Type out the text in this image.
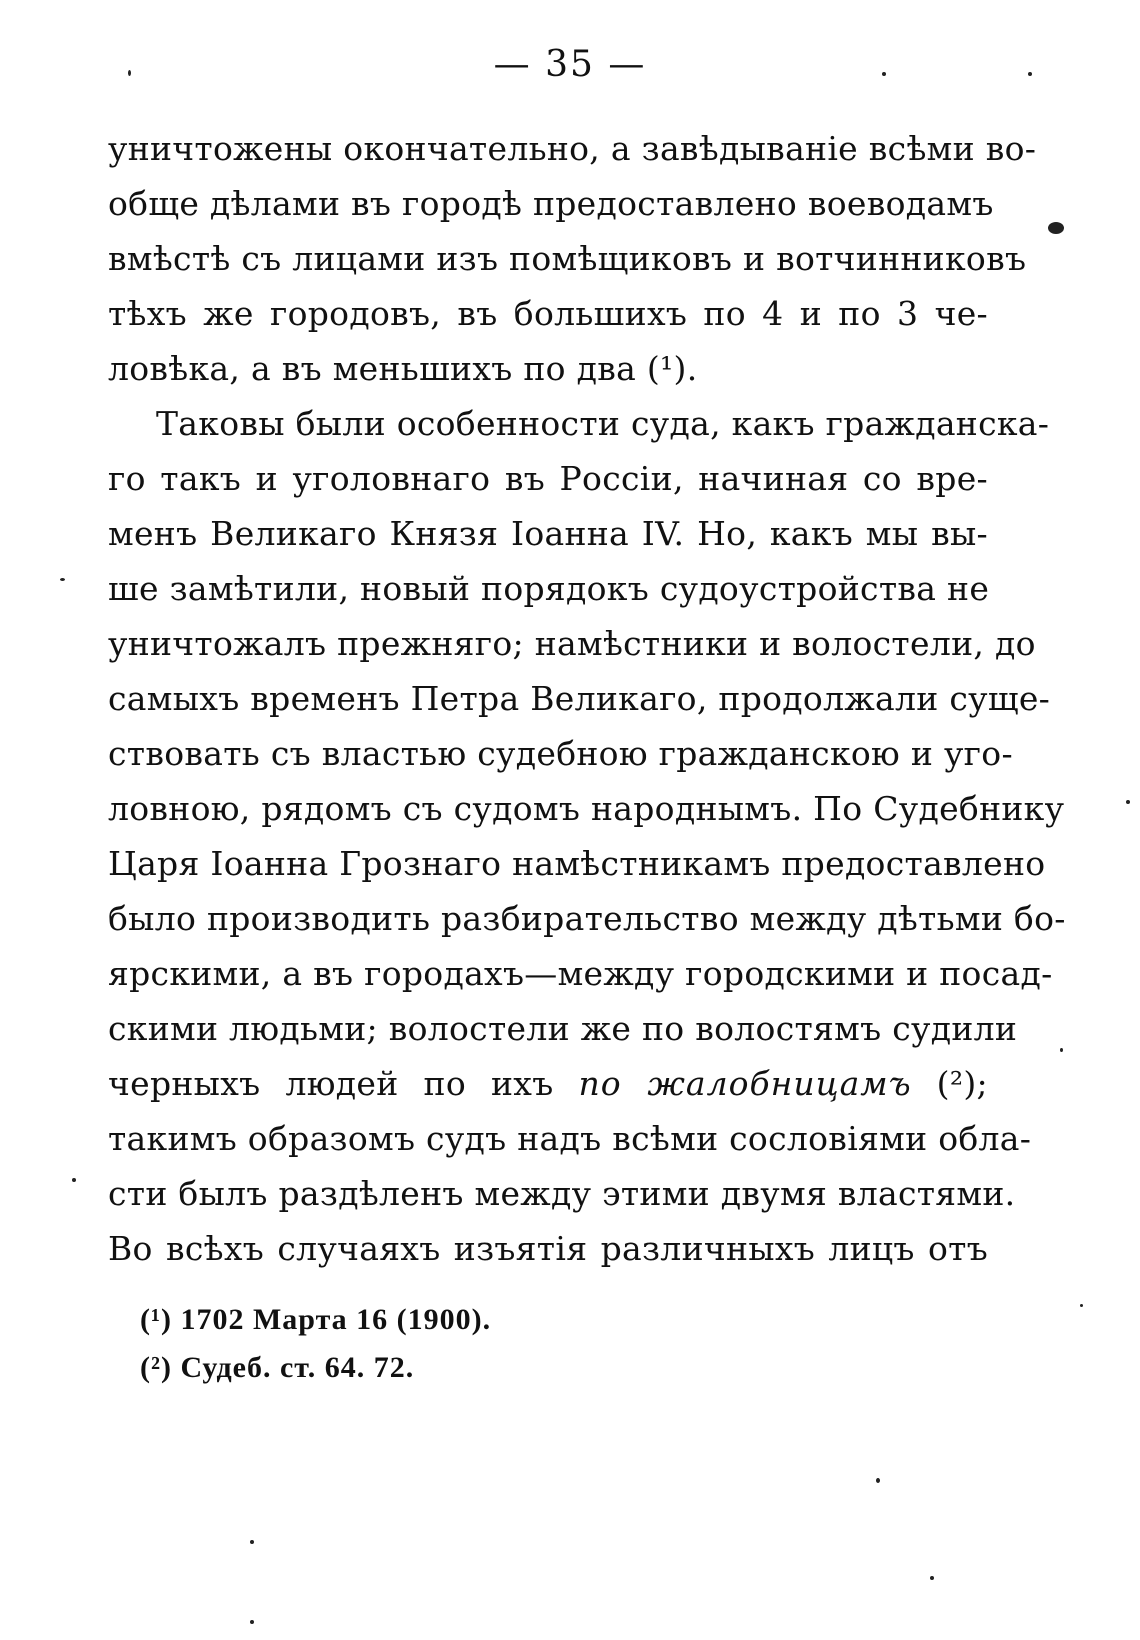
— 35 —
уничтожены окончательно, а завѣдываніе всѣми во-
обще дѣлами въ городѣ предоставлено воеводамъ
вмѣстѣ съ лицами изъ помѣщиковъ и вотчинниковъ
тѣхъ же городовъ, въ большихъ по 4 и по 3 че-
ловѣка, а въ меньшихъ по два (¹).
Таковы были особенности суда, какъ гражданска-
го такъ и уголовнаго въ Россіи, начиная со вре-
менъ Великаго Князя Іоанна IV. Но, какъ мы вы-
ше замѣтили, новый порядокъ судоустройства не
уничтожалъ прежняго; намѣстники и волостели, до
самыхъ временъ Петра Великаго, продолжали суще-
ствовать съ властью судебною гражданскою и уго-
ловною, рядомъ съ судомъ народнымъ. По Судебнику
Царя Іоанна Грознаго намѣстникамъ предоставлено
было производить разбирательство между дѣтьми бо-
ярскими, а въ городахъ—между городскими и посад-
скими людьми; волостели же по волостямъ судили
черныхъ людей по ихъ по жалобницамъ (²);
такимъ образомъ судъ надъ всѣми сословіями обла-
сти былъ раздѣленъ между этими двумя властями.
Во всѣхъ случаяхъ изъятія различныхъ лицъ отъ
(¹) 1702 Марта 16 (1900).
(²) Судеб. ст. 64. 72.
